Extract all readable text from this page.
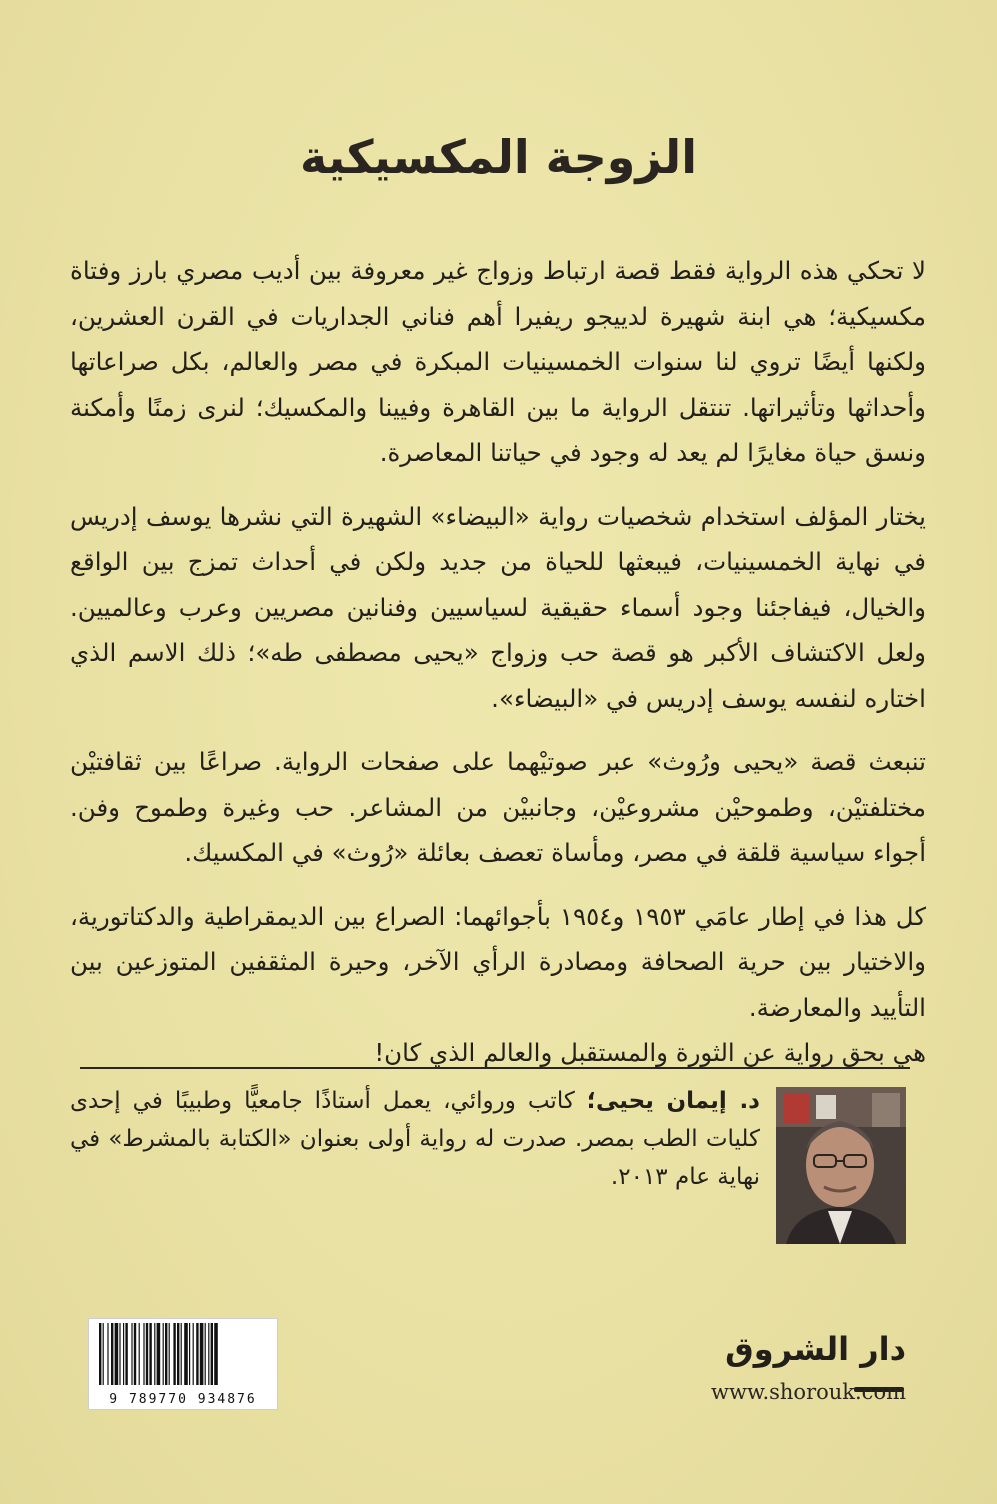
الزوجة المكسيكية

لا تحكي هذه الرواية فقط قصة ارتباط وزواج غير معروفة بين أديب مصري بارز وفتاة مكسيكية؛ هي ابنة شهيرة لدييجو ريفيرا أهم فناني الجداريات في القرن العشرين، ولكنها أيضًا تروي لنا سنوات الخمسينيات المبكرة في مصر والعالم، بكل صراعاتها وأحداثها وتأثيراتها. تنتقل الرواية ما بين القاهرة وفيينا والمكسيك؛ لنرى زمنًا وأمكنة ونسق حياة مغايرًا لم يعد له وجود في حياتنا المعاصرة.

يختار المؤلف استخدام شخصيات رواية «البيضاء» الشهيرة التي نشرها يوسف إدريس في نهاية الخمسينيات، فيبعثها للحياة من جديد ولكن في أحداث تمزج بين الواقع والخيال، فيفاجئنا وجود أسماء حقيقية لسياسيين وفنانين مصريين وعرب وعالميين. ولعل الاكتشاف الأكبر هو قصة حب وزواج «يحيى مصطفى طه»؛ ذلك الاسم الذي اختاره لنفسه يوسف إدريس في «البيضاء».

تنبعث قصة «يحيى ورُوث» عبر صوتيْهما على صفحات الرواية. صراعًا بين ثقافتيْن مختلفتيْن، وطموحيْن مشروعيْن، وجانبيْن من المشاعر. حب وغيرة وطموح وفن. أجواء سياسية قلقة في مصر، ومأساة تعصف بعائلة «رُوث» في المكسيك.

كل هذا في إطار عامَي ١٩٥٣ و١٩٥٤ بأجوائهما: الصراع بين الديمقراطية والدكتاتورية، والاختيار بين حرية الصحافة ومصادرة الرأي الآخر، وحيرة المثقفين المتوزعين بين التأييد والمعارضة.

هي بحق رواية عن الثورة والمستقبل والعالم الذي كان!

د. إيمان يحيى؛ كاتب وروائي، يعمل أستاذًا جامعيًّا وطبيبًا في إحدى كليات الطب بمصر. صدرت له رواية أولى بعنوان «الكتابة بالمشرط» في نهاية عام ٢٠١٣.
9 789770 934876
دار الشروق
www.shorouk.com
